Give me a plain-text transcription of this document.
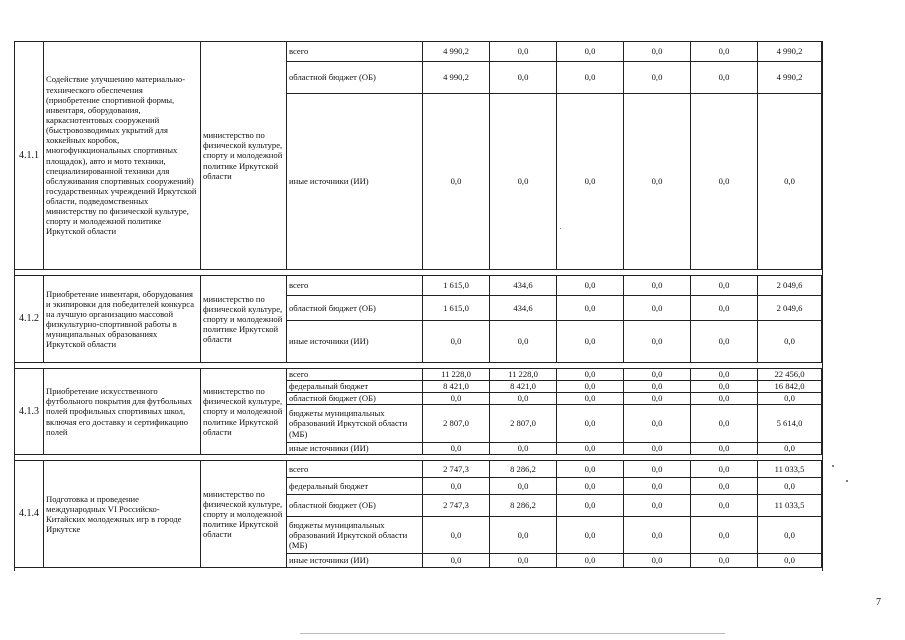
4.1.1	Содействие улучшению материально-технического обеспечения (приобретение спортивной формы, инвентаря, оборудования, каркаснотентовых сооружений (быстровозводимых укрытий для хоккейных коробок, многофункциональных спортивных площадок), авто и мото техники, специализированной техники для обслуживания спортивных сооружений) государственных учреждений Иркутской области, подведомственных министерству по физической культуре, спорту и молодежной политике Иркутской области	министерство по физической культуре, спорту и молодежной политике Иркутской области	всего	4 990,2	0,0	0,0	0,0	0,0	4 990,2
			областной бюджет (ОБ)	4 990,2	0,0	0,0	0,0	0,0	4 990,2
			иные источники (ИИ)	0,0	0,0	0,0	0,0	0,0	0,0

4.1.2	Приобретение инвентаря, оборудования и экипировки для победителей конкурса на лучшую организацию массовой физкультурно-спортивной работы в муниципальных образованиях Иркутской области	министерство по физической культуре, спорту и молодежной политике Иркутской области	всего	1 615,0	434,6	0,0	0,0	0,0	2 049,6
			областной бюджет (ОБ)	1 615,0	434,6	0,0	0,0	0,0	2 049,6
			иные источники (ИИ)	0,0	0,0	0,0	0,0	0,0	0,0

4.1.3	Приобретение искусственного футбольного покрытия для футбольных полей профильных спортивных школ, включая его доставку и сертификацию полей	министерство по физической культуре, спорту и молодежной политике Иркутской области	всего	11 228,0	11 228,0	0,0	0,0	0,0	22 456,0
			федеральный бюджет	8 421,0	8 421,0	0,0	0,0	0,0	16 842,0
			областной бюджет (ОБ)	0,0	0,0	0,0	0,0	0,0	0,0
			бюджеты муниципальных образований Иркутской области (МБ)	2 807,0	2 807,0	0,0	0,0	0,0	5 614,0
			иные источники (ИИ)	0,0	0,0	0,0	0,0	0,0	0,0

4.1.4	Подготовка и проведение международных VI Российско-Китайских молодежных игр в городе Иркутске	министерство по физической культуре, спорту и молодежной политике Иркутской области	всего	2 747,3	8 286,2	0,0	0,0	0,0	11 033,5
			федеральный бюджет	0,0	0,0	0,0	0,0	0,0	0,0
			областной бюджет (ОБ)	2 747,3	8 286,2	0,0	0,0	0,0	11 033,5
			бюджеты муниципальных образований Иркутской области (МБ)	0,0	0,0	0,0	0,0	0,0	0,0
			иные источники (ИИ)	0,0	0,0	0,0	0,0	0,0	0,0
7
